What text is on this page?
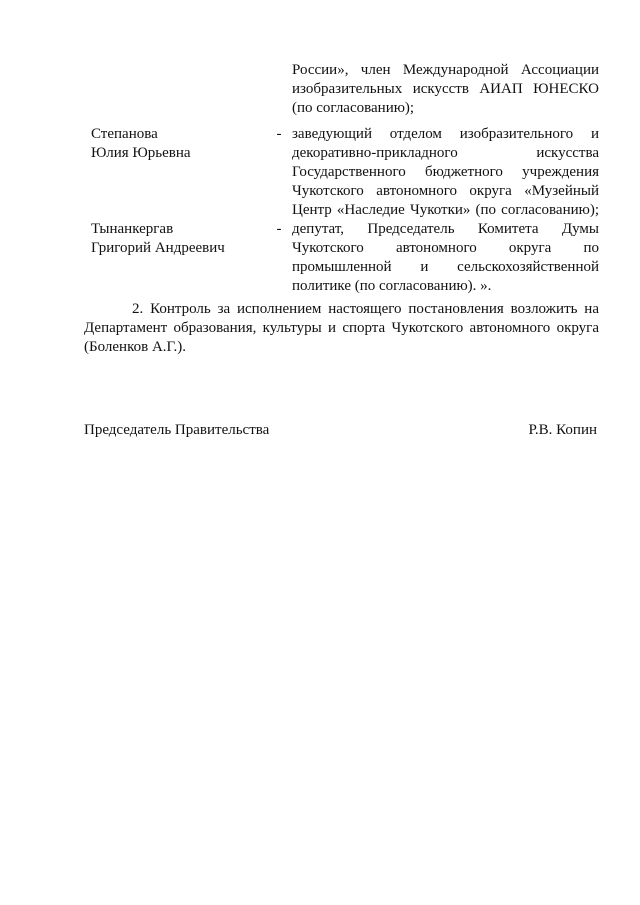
России», член Международной Ассоциации
изобразительных искусств АИАП ЮНЕСКО
(по согласованию);
Степанова
Юлия Юрьевна
- заведующий отделом изобразительного и
декоративно-прикладного искусства
Государственного бюджетного учреждения
Чукотского автономного округа «Музейный
Центр «Наследие Чукотки» (по согласованию);
Тынанкергав
Григорий Андреевич
- депутат, Председатель Комитета Думы
Чукотского автономного округа по
промышленной и сельскохозяйственной
политике (по согласованию). ».
2. Контроль за исполнением настоящего постановления возложить на
Департамент образования, культуры и спорта Чукотского автономного округа
(Боленков А.Г.).
Председатель Правительства	Р.В. Копин
